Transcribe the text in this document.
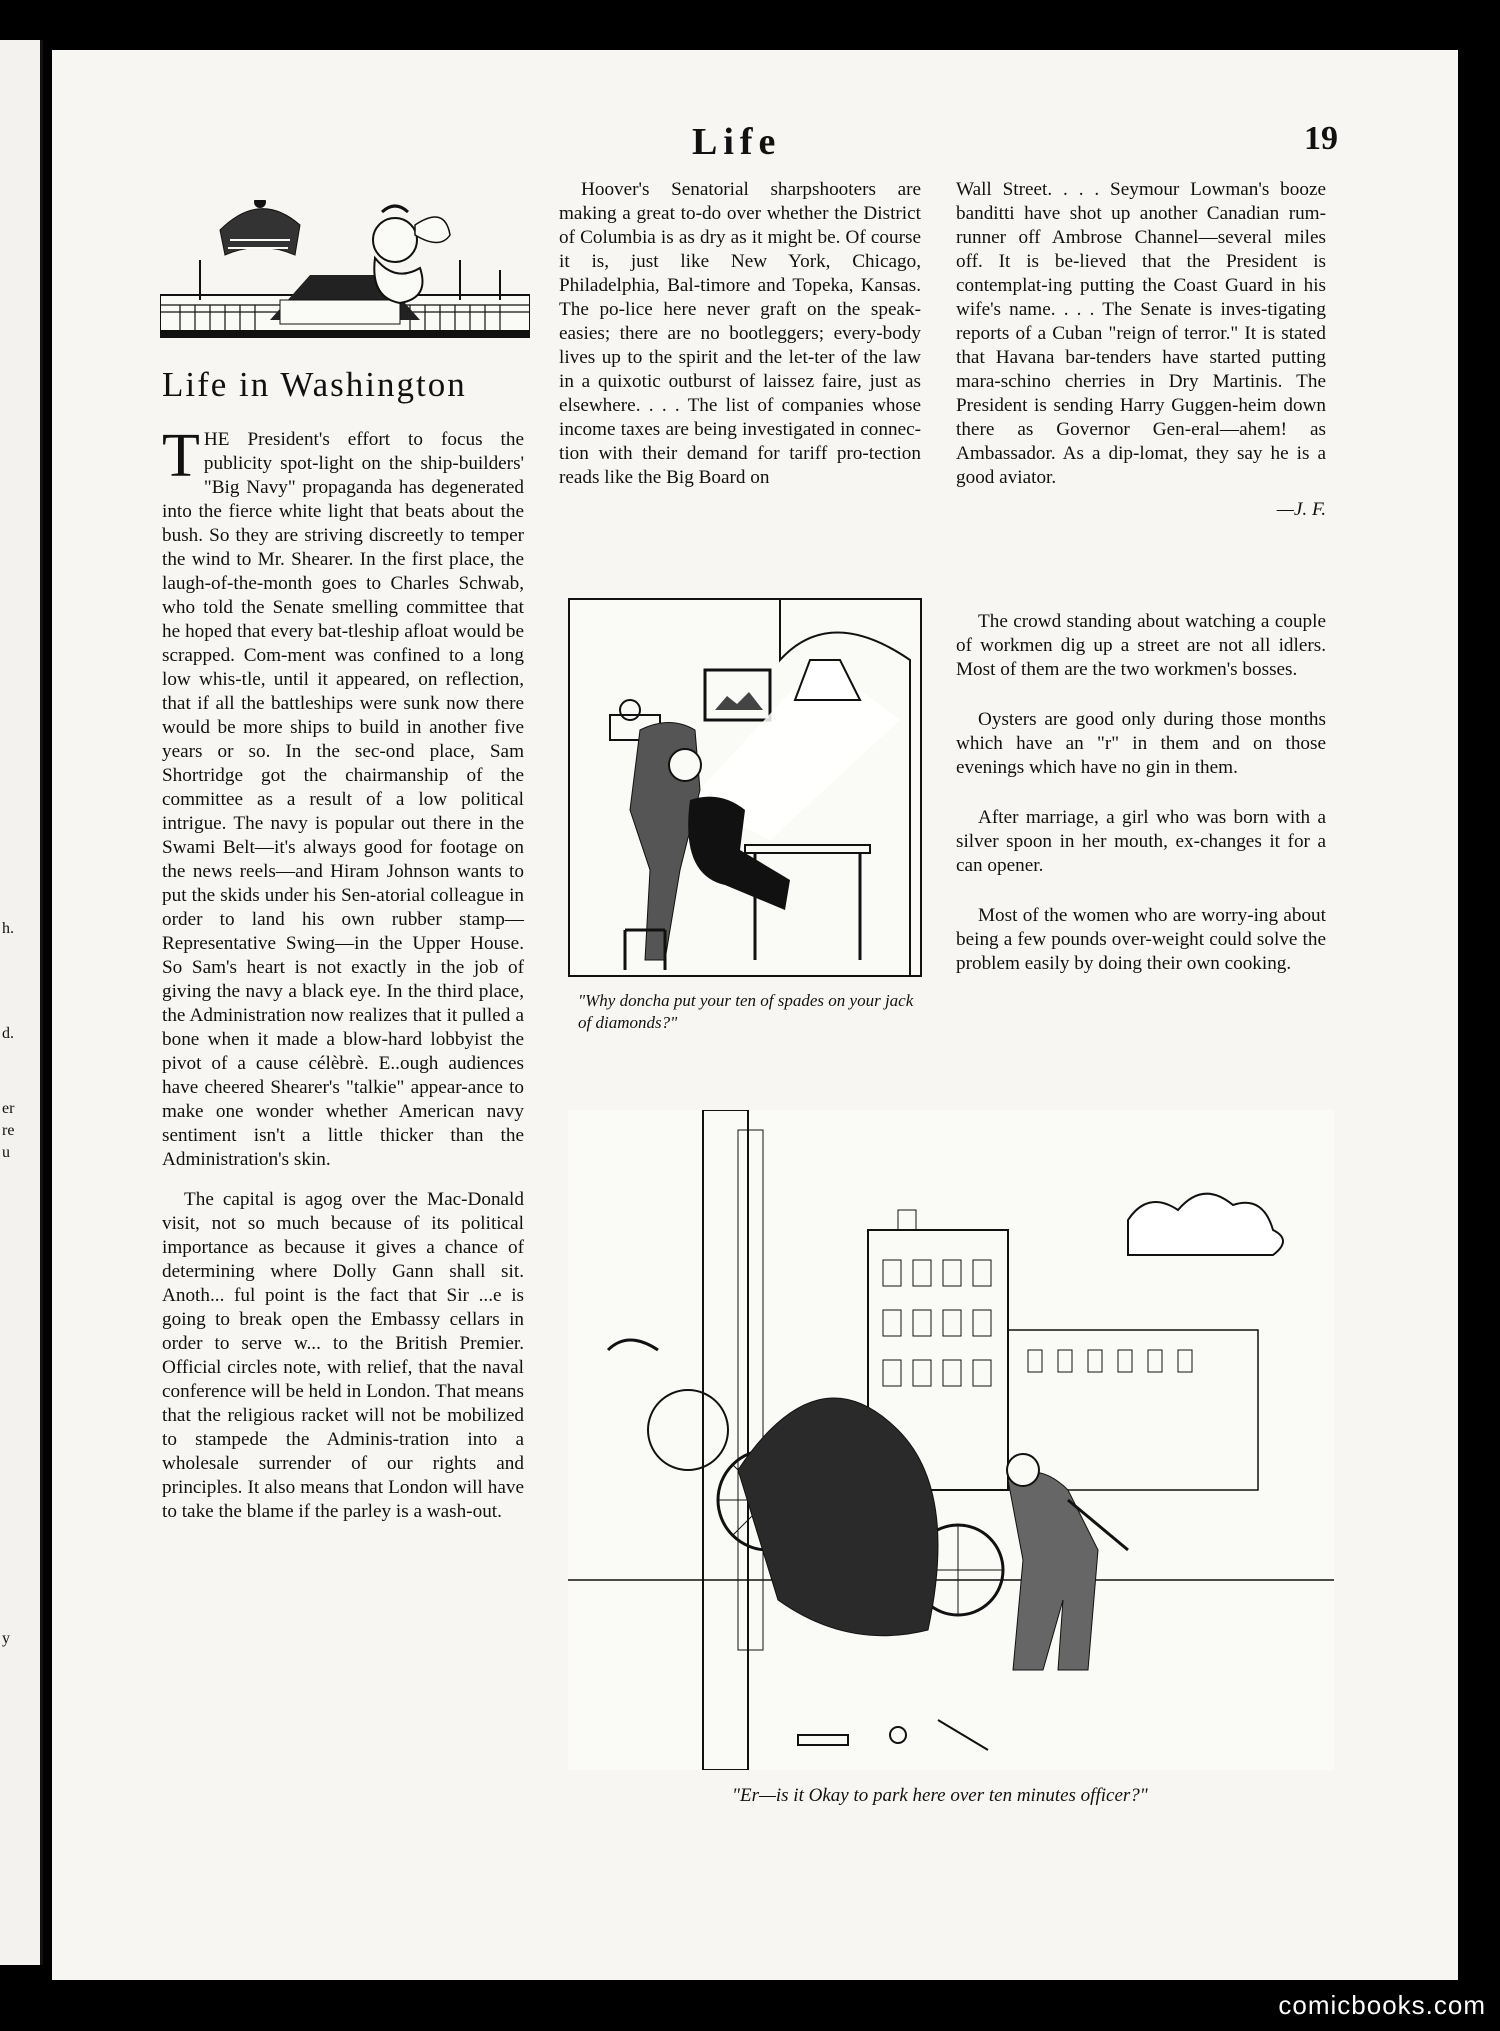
h.
d.
er
re
u
y
Life	19
Life in Washington

THE President's effort to focus the publicity spot-light on the ship-builders' "Big Navy" propaganda has degenerated into the fierce white light that beats about the bush. So they are striving discreetly to temper the wind to Mr. Shearer. In the first place, the laugh-of-the-month goes to Charles Schwab, who told the Senate smelling committee that he hoped that every bat-tleship afloat would be scrapped. Com-ment was confined to a long low whis-tle, until it appeared, on reflection, that if all the battleships were sunk now there would be more ships to build in another five years or so. In the sec-ond place, Sam Shortridge got the chairmanship of the committee as a result of a low political intrigue. The navy is popular out there in the Swami Belt—it's always good for footage on the news reels—and Hiram Johnson wants to put the skids under his Sen-atorial colleague in order to land his own rubber stamp—Representative Swing—in the Upper House. So Sam's heart is not exactly in the job of giving the navy a black eye. In the third place, the Administration now realizes that it pulled a bone when it made a blow-hard lobbyist the pivot of a cause célèbrè. E..ough audiences have cheered Shearer's "talkie" appear-ance to make one wonder whether American navy sentiment isn't a little thicker than the Administration's skin.

The capital is agog over the Mac-Donald visit, not so much because of its political importance as because it gives a chance of determining where Dolly Gann shall sit. Anoth... ful point is the fact that Sir ...e is going to break open the Embassy cellars in order to serve w... to the British Premier. Official circles note, with relief, that the naval conference will be held in London. That means that the religious racket will not be mobilized to stampede the Adminis-tration into a wholesale surrender of our rights and principles. It also means that London will have to take the blame if the parley is a wash-out.

Hoover's Senatorial sharpshooters are making a great to-do over whether the District of Columbia is as dry as it might be. Of course it is, just like New York, Chicago, Philadelphia, Bal-timore and Topeka, Kansas. The po-lice here never graft on the speak-easies; there are no bootleggers; every-body lives up to the spirit and the let-ter of the law in a quixotic outburst of laissez faire, just as elsewhere. . . . The list of companies whose income taxes are being investigated in connec-tion with their demand for tariff pro-tection reads like the Big Board on

Wall Street. . . . Seymour Lowman's booze banditti have shot up another Canadian rum-runner off Ambrose Channel—several miles off. It is be-lieved that the President is contemplat-ing putting the Coast Guard in his wife's name. . . . The Senate is inves-tigating reports of a Cuban "reign of terror." It is stated that Havana bar-tenders have started putting mara-schino cherries in Dry Martinis. The President is sending Harry Guggen-heim down there as Governor Gen-eral—ahem! as Ambassador. As a dip-lomat, they say he is a good aviator.

—J. F.

The crowd standing about watching a couple of workmen dig up a street are not all idlers. Most of them are the two workmen's bosses.

Oysters are good only during those months which have an "r" in them and on those evenings which have no gin in them.

After marriage, a girl who was born with a silver spoon in her mouth, ex-changes it for a can opener.

Most of the women who are worry-ing about being a few pounds over-weight could solve the problem easily by doing their own cooking.

"Why doncha put your ten of spades on your jack of diamonds?"
"Er—is it Okay to park here over ten minutes officer?"
comicbooks.com
